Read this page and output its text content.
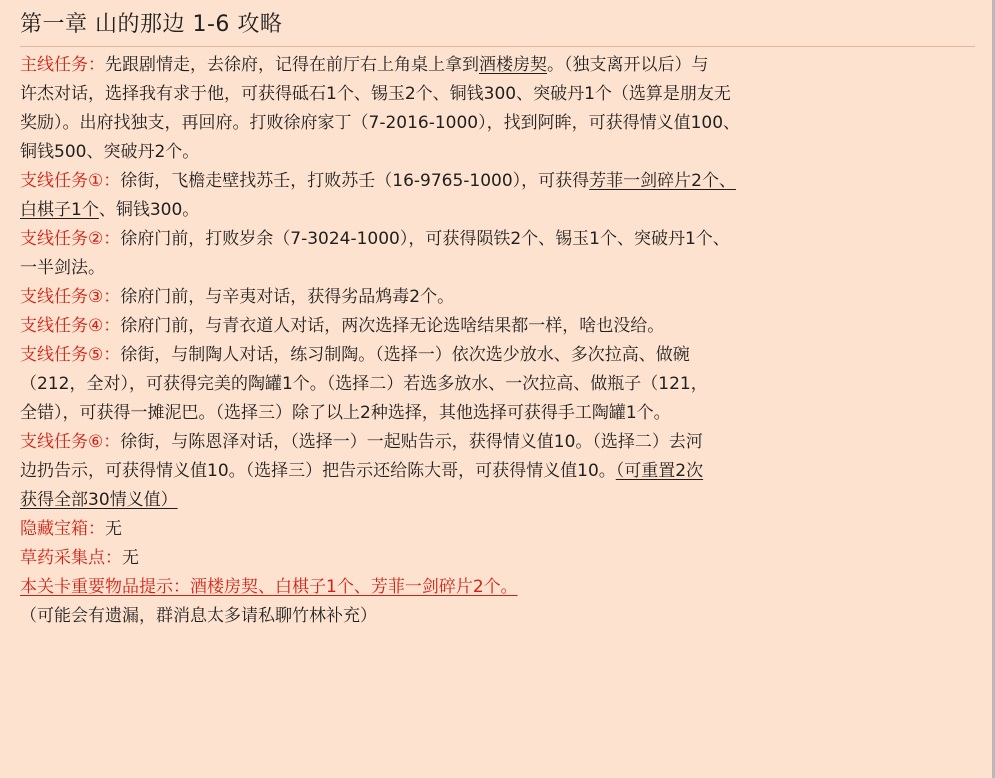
第一章 山的那边 1-6 攻略
主线任务：先跟剧情走，去徐府，记得在前厅右上角桌上拿到酒楼房契。（独支离开以后）与
许杰对话，选择我有求于他，可获得砥石1个、锡玉2个、铜钱300、突破丹1个（选算是朋友无
奖励）。出府找独支，再回府。打败徐府家丁（7-2016-1000），找到阿眸，可获得情义值100、
铜钱500、突破丹2个。
支线任务①：徐街，飞檐走壁找苏壬，打败苏壬（16-9765-1000），可获得芳菲一剑碎片2个、
白棋子1个、铜钱300。
支线任务②：徐府门前，打败岁余（7-3024-1000），可获得陨铁2个、锡玉1个、突破丹1个、
一半剑法。
支线任务③：徐府门前，与辛夷对话，获得劣品鸩毒2个。
支线任务④：徐府门前，与青衣道人对话，两次选择无论选啥结果都一样，啥也没给。
支线任务⑤：徐街，与制陶人对话，练习制陶。（选择一）依次选少放水、多次拉高、做碗
（212，全对），可获得完美的陶罐1个。（选择二）若选多放水、一次拉高、做瓶子（121，
全错），可获得一摊泥巴。（选择三）除了以上2种选择，其他选择可获得手工陶罐1个。
支线任务⑥：徐街，与陈恩泽对话，（选择一）一起贴告示，获得情义值10。（选择二）去河
边扔告示，可获得情义值10。（选择三）把告示还给陈大哥，可获得情义值10。（可重置2次
获得全部30情义值）
隐藏宝箱：无
草药采集点：无
本关卡重要物品提示：酒楼房契、白棋子1个、芳菲一剑碎片2个。
（可能会有遗漏，群消息太多请私聊竹林补充）
